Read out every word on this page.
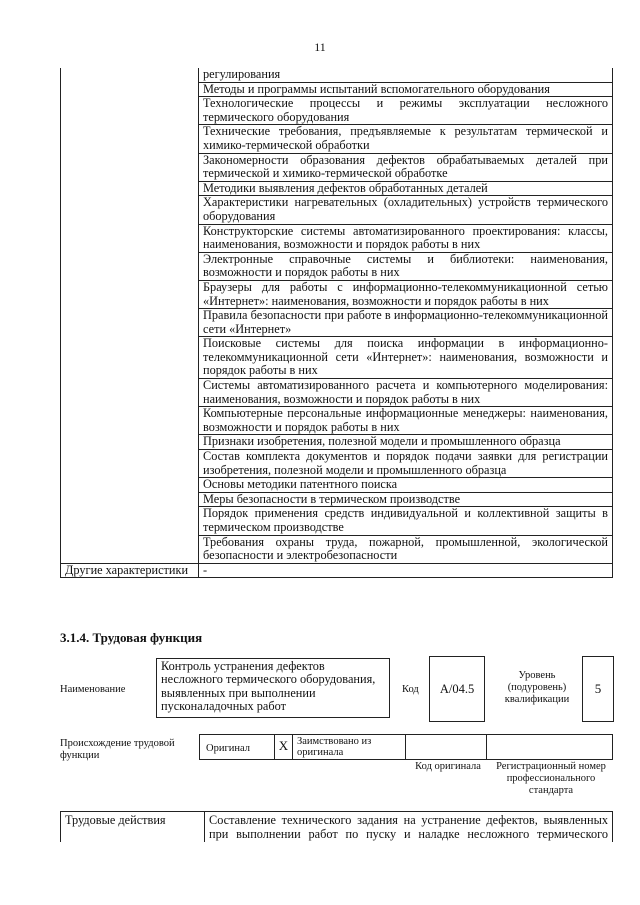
11
	регулирования
	Методы и программы испытаний вспомогательного оборудования
	Технологические процессы и режимы эксплуатации несложного термического оборудования
	Технические требования, предъявляемые к результатам термической и химико-термической обработки
	Закономерности образования дефектов обрабатываемых деталей при термической и химико-термической обработке
	Методики выявления дефектов обработанных деталей
	Характеристики нагревательных (охладительных) устройств термического оборудования
	Конструкторские системы автоматизированного проектирования: классы, наименования, возможности и порядок работы в них
	Электронные справочные системы и библиотеки: наименования, возможности и порядок работы в них
	Браузеры для работы с информационно-телекоммуникационной сетью «Интернет»: наименования, возможности и порядок работы в них
	Правила безопасности при работе в информационно-телекоммуникационной сети «Интернет»
	Поисковые системы для поиска информации в информационно-телекоммуникационной сети «Интернет»: наименования, возможности и порядок работы в них
	Системы автоматизированного расчета и компьютерного моделирования: наименования, возможности и порядок работы в них
	Компьютерные персональные информационные менеджеры: наименования, возможности и порядок работы в них
	Признаки изобретения, полезной модели и промышленного образца
	Состав комплекта документов и порядок подачи заявки для регистрации изобретения, полезной модели и промышленного образца
	Основы методики патентного поиска
	Меры безопасности в термическом производстве
	Порядок применения средств индивидуальной и коллективной защиты в термическом производстве
	Требования охраны труда, пожарной, промышленной, экологической безопасности и электробезопасности
Другие характеристики	-
3.1.4. Трудовая функция
Наименование
Контроль устранения дефектов несложного термического оборудования, выявленных при выполнении пусконаладочных работ
Код	A/04.5
Уровень (подуровень) квалификации
5
Происхождение трудовой функции
Оригинал	X Заимствовано из оригинала
Код оригинала	Регистрационный номер профессионального стандарта
Трудовые действия	Составление технического задания на устранение дефектов, выявленных при выполнении работ по пуску и наладке несложного термического
